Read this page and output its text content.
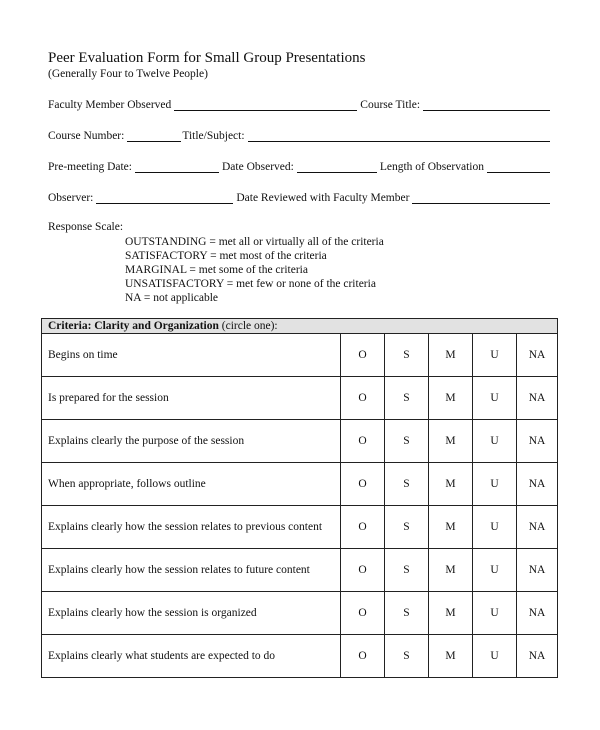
Peer Evaluation Form for Small Group Presentations
(Generally Four to Twelve People)
Faculty Member Observed	Course Title:
Course Number:	Title/Subject:
Pre-meeting Date:	Date Observed:	Length of Observation
Observer:	Date Reviewed with Faculty Member
Response Scale:
OUTSTANDING = met all or virtually all of the criteria
SATISFACTORY = met most of the criteria
MARGINAL = met some of the criteria
UNSATISFACTORY = met few or none of the criteria
NA = not applicable
Criteria: Clarity and Organization (circle one):					
Begins on time	O	S	M	U	NA
Is prepared for the session	O	S	M	U	NA
Explains clearly the purpose of the session	O	S	M	U	NA
When appropriate, follows outline	O	S	M	U	NA
Explains clearly how the session relates to previous content	O	S	M	U	NA
Explains clearly how the session relates to future content	O	S	M	U	NA
Explains clearly how the session is organized	O	S	M	U	NA
Explains clearly what students are expected to do	O	S	M	U	NA
